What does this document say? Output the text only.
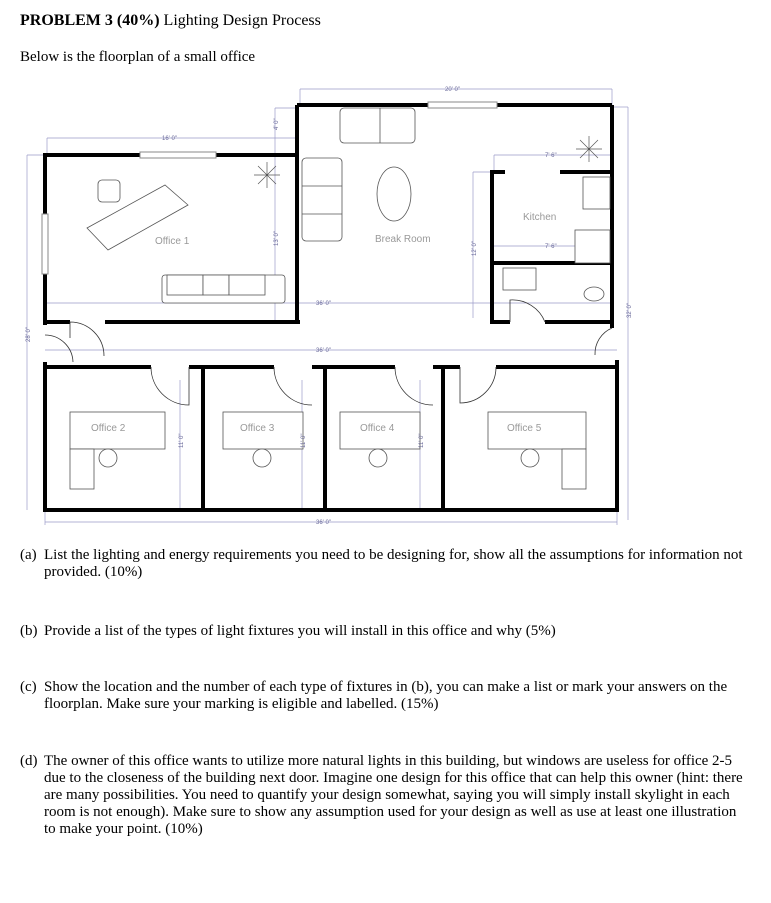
PROBLEM 3 (40%) Lighting Design Process
Below is the floorplan of a small office
Office 1	Break Room
Kitchen
Office 2	Office 3	Office 4	Office 5
16' 0"
4' 0"
13' 0"
20' 0"
7' 6"
7' 6"
12' 0"
32' 0"
28' 0"
36' 0"
36' 0"
36' 0"
11' 0"	11' 0"	11' 0"
(a) List the lighting and energy requirements you need to be designing for, show all the assumptions for information not provided. (10%)
(b) Provide a list of the types of light fixtures you will install in this office and why (5%)
(c) Show the location and the number of each type of fixtures in (b), you can make a list or mark your answers on the floorplan. Make sure your marking is eligible and labelled. (15%)
(d) The owner of this office wants to utilize more natural lights in this building, but windows are useless for office 2-5 due to the closeness of the building next door. Imagine one design for this office that can help this owner (hint: there are many possibilities. You need to quantify your design somewhat, saying you will simply install skylight in each room is not enough). Make sure to show any assumption used for your design as well as use at least one illustration to make your point. (10%)
